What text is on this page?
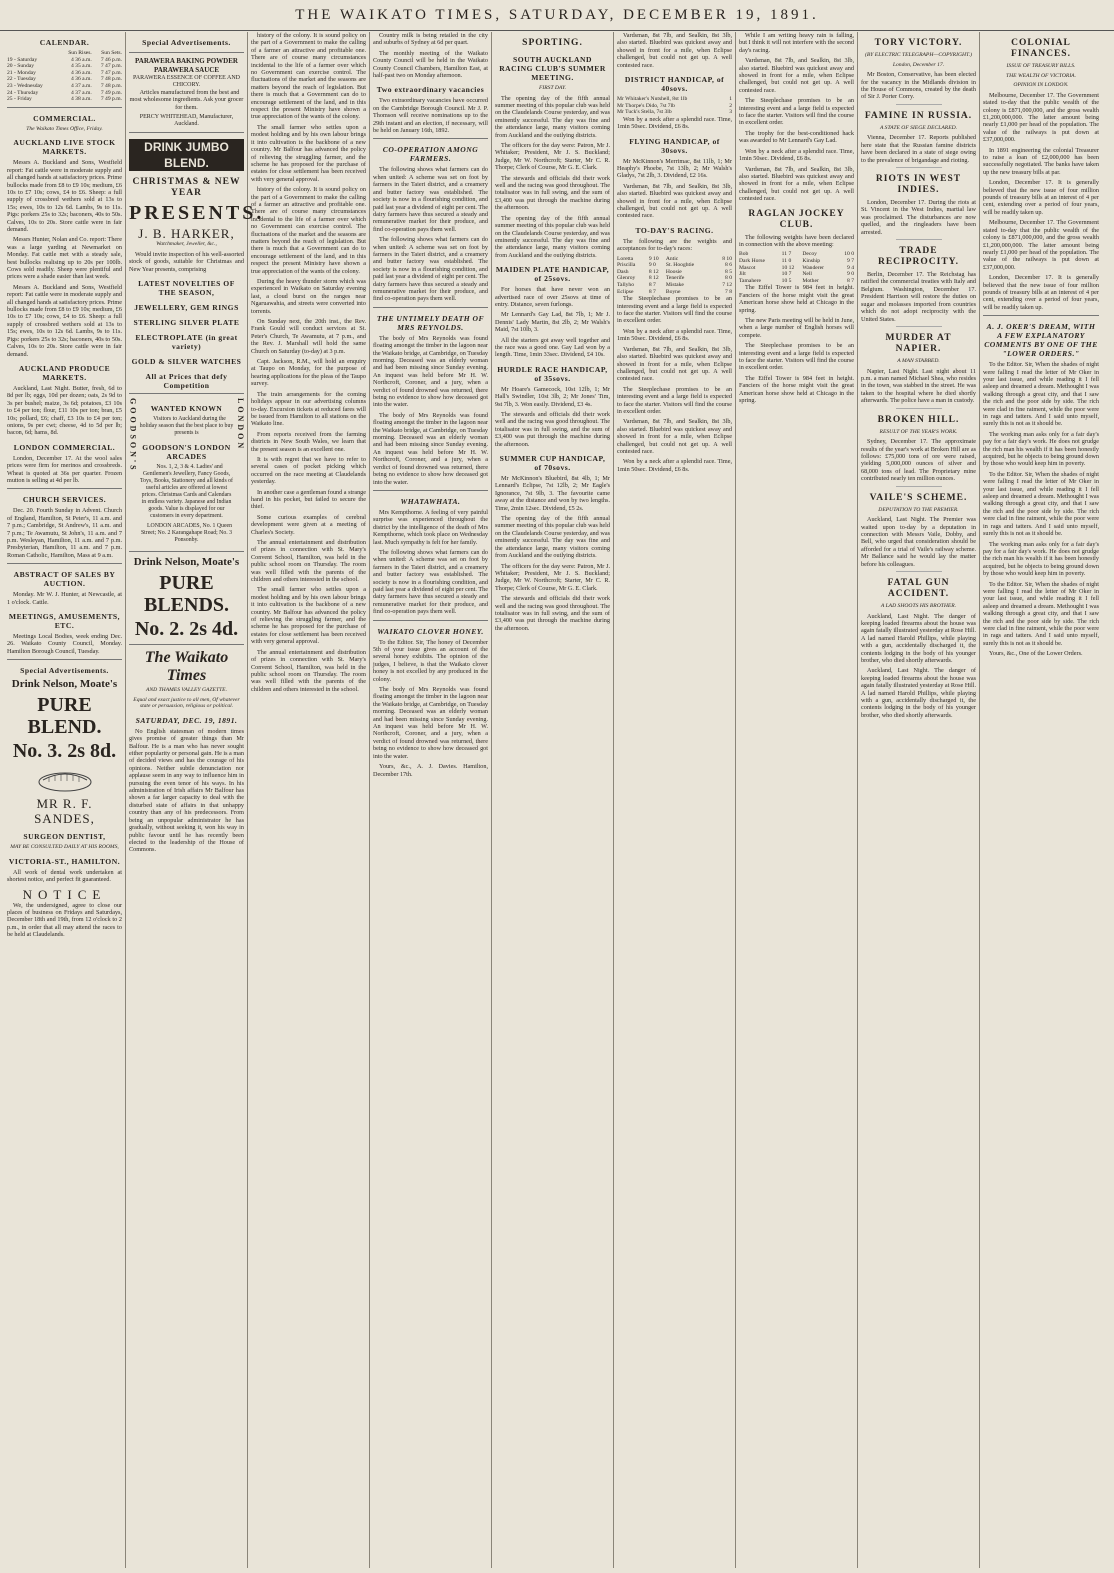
THE WAIKATO TIMES, SATURDAY, DECEMBER 19, 1891.
CALENDAR.
	Sun Rises.	Sun Sets.
19 - Saturday	4 36 a.m.	7 46 p.m.
20 - Sunday	4 35 a.m.	7 47 p.m.
21 - Monday	4 36 a.m.	7 47 p.m.
22 - Tuesday	4 36 a.m.	7 48 p.m.
23 - Wednesday	4 37 a.m.	7 48 p.m.
24 - Thursday	4 37 a.m.	7 49 p.m.
25 - Friday	4 38 a.m.	7 49 p.m.
COMMERCIAL.
The Waikato Times Office, Friday.
AUCKLAND LIVE STOCK MARKETS.

Messrs A. Buckland and Sons, Westfield report: Fat cattle were in moderate supply and all changed hands at satisfactory prices. Prime bullocks made from £8 to £9 10s; medium, £6 10s to £7 10s; cows, £4 to £6. Sheep: a full supply of crossbred wethers sold at 13s to 15s; ewes, 10s to 12s 6d. Lambs, 9s to 11s. Pigs: porkers 25s to 32s; baconers, 40s to 50s. Calves, 10s to 20s. Store cattle were in fair demand.

Messrs Hunter, Nolan and Co. report: There was a large yarding at Newmarket on Monday. Fat cattle met with a steady sale, best bullocks realising up to 20s per 100lb. Cows sold readily. Sheep were plentiful and prices were a shade easier than last week.

Messrs A. Buckland and Sons, Westfield report: Fat cattle were in moderate supply and all changed hands at satisfactory prices. Prime bullocks made from £8 to £9 10s; medium, £6 10s to £7 10s; cows, £4 to £6. Sheep: a full supply of crossbred wethers sold at 13s to 15s; ewes, 10s to 12s 6d. Lambs, 9s to 11s. Pigs: porkers 25s to 32s; baconers, 40s to 50s. Calves, 10s to 20s. Store cattle were in fair demand.

AUCKLAND PRODUCE MARKETS.

Auckland, Last Night. Butter, fresh, 6d to 8d per lb; eggs, 10d per dozen; oats, 2s 9d to 3s per bushel; maize, 3s 6d; potatoes, £3 10s to £4 per ton; flour, £11 10s per ton; bran, £5 10s; pollard, £6; chaff, £3 10s to £4 per ton; onions, 9s per cwt; cheese, 4d to 5d per lb; bacon, 6d; hams, 8d.

LONDON COMMERCIAL.

London, December 17. At the wool sales prices were firm for merinos and crossbreds. Wheat is quoted at 36s per quarter. Frozen mutton is selling at 4d per lb.

CHURCH SERVICES.

Dec. 20. Fourth Sunday in Advent. Church of England, Hamilton, St Peter's, 11 a.m. and 7 p.m.; Cambridge, St Andrew's, 11 a.m. and 7 p.m.; Te Awamutu, St John's, 11 a.m. and 7 p.m. Wesleyan, Hamilton, 11 a.m. and 7 p.m. Presbyterian, Hamilton, 11 a.m. and 7 p.m. Roman Catholic, Hamilton, Mass at 9 a.m.

ABSTRACT OF SALES BY AUCTION.

Monday. Mr W. J. Hunter, at Newcastle, at 1 o'clock. Cattle.

MEETINGS, AMUSEMENTS, ETC.

Meetings Local Bodies, week ending Dec. 26. Waikato County Council, Monday. Hamilton Borough Council, Tuesday.

Special Advertisements.
Drink Nelson, Moate's
PURE BLEND.
No. 3. 2s 8d.
MR R. F. SANDES,
SURGEON DENTIST,
MAY BE CONSULTED DAILY AT HIS ROOMS,
VICTORIA-ST., HAMILTON.

All work of dental work undertaken at shortest notice, and perfect fit guaranteed.

NOTICE

We, the undersigned, agree to close our places of business on Fridays and Saturdays, December 18th and 19th, from 12 o'clock to 2 p.m., in order that all may attend the races to be held at Claudelands.

Special Advertisements.
PARAWERA BAKING POWDER
PARAWERA SAUCE
PARAWERA ESSENCE OF COFFEE AND CHICORY.

Articles manufactured from the best and most wholesome ingredients. Ask your grocer for them.

PERCY WHITEHEAD, Manufacturer, Auckland.
DRINK JUMBO BLEND.
CHRISTMAS & NEW YEAR
PRESENTS.
J. B. HARKER,
Watchmaker, Jeweller, &c.,

Would invite inspection of his well-assorted stock of goods, suitable for Christmas and New Year presents, comprising

LATEST NOVELTIES OF THE SEASON,
JEWELLERY, GEM RINGS
STERLING SILVER PLATE
ELECTROPLATE (in great variety)
GOLD & SILVER WATCHES
All at Prices that defy Competition
GOODSON'S	WANTED KNOWN

Visitors to Auckland during the holiday season that the best place to buy presents is

GOODSON'S LONDON ARCADES

Nos. 1, 2, 3 & 4. Ladies' and Gentlemen's Jewellery, Fancy Goods, Toys, Books, Stationery and all kinds of useful articles are offered at lowest prices. Christmas Cards and Calendars in endless variety. Japanese and Indian goods. Value is displayed for our customers in every department.

LONDON ARCADES, No. 1 Queen Street; No. 2 Karangahape Road; No. 3 Ponsonby.

LONDON
Drink Nelson, Moate's
PURE BLENDS.
No. 2. 2s 4d.
The Waikato Times
AND THAMES VALLEY GAZETTE.
Equal and exact justice to all men, Of whatever state or persuasion, religious or political.
SATURDAY, DEC. 19, 1891.

No English statesman of modern times gives promise of greater things than Mr Balfour. He is a man who has never sought either popularity or personal gain. He is a man of decided views and has the courage of his opinions. Neither subtle denunciation nor applause seem in any way to influence him in pursuing the even tenor of his ways. In his administration of Irish affairs Mr Balfour has shown a far larger capacity to deal with the disturbed state of affairs in that unhappy country than any of his predecessors. From being an unpopular administrator he has gradually, without seeking it, won his way in public favour until he has recently been elected to the leadership of the House of Commons.

history of the colony. It is sound policy on the part of a Government to make the calling of a farmer an attractive and profitable one. There are of course many circumstances incidental to the life of a farmer over which no Government can exercise control. The fluctuations of the market and the seasons are matters beyond the reach of legislation. But there is much that a Government can do to encourage settlement of the land, and in this respect the present Ministry have shown a true appreciation of the wants of the colony.

The small farmer who settles upon a modest holding and by his own labour brings it into cultivation is the backbone of a new country. Mr Balfour has advanced the policy of relieving the struggling farmer, and the scheme he has proposed for the purchase of estates for close settlement has been received with very general approval.

history of the colony. It is sound policy on the part of a Government to make the calling of a farmer an attractive and profitable one. There are of course many circumstances incidental to the life of a farmer over which no Government can exercise control. The fluctuations of the market and the seasons are matters beyond the reach of legislation. But there is much that a Government can do to encourage settlement of the land, and in this respect the present Ministry have shown a true appreciation of the wants of the colony.

During the heavy thunder storm which was experienced in Waikato on Saturday evening last, a cloud burst on the ranges near Ngaruawahia, and streets were converted into torrents.

On Sunday next, the 20th inst., the Rev. Frank Gould will conduct services at St. Peter's Church, Te Awamutu, at 7 p.m., and the Rev. J. Marshall will hold the same Church on Saturday (to-day) at 3 p.m.

Capt. Jackson, R.M., will hold an enquiry at Taupo on Monday, for the purpose of hearing applications for the pleas of the Taupo survey.

The train arrangements for the coming holidays appear in our advertising columns to-day. Excursion tickets at reduced fares will be issued from Hamilton to all stations on the Waikato line.

From reports received from the farming districts in New South Wales, we learn that the present season is an excellent one.

It is with regret that we have to refer to several cases of pocket picking which occurred on the race meeting at Claudelands yesterday.

In another case a gentleman found a strange hand in his pocket, but failed to secure the thief.

Some curious examples of cerebral development were given at a meeting of Charles's Society.

The annual entertainment and distribution of prizes in connection with St. Mary's Convent School, Hamilton, was held in the public school room on Thursday. The room was well filled with the parents of the children and others interested in the school.

The small farmer who settles upon a modest holding and by his own labour brings it into cultivation is the backbone of a new country. Mr Balfour has advanced the policy of relieving the struggling farmer, and the scheme he has proposed for the purchase of estates for close settlement has been received with very general approval.

The annual entertainment and distribution of prizes in connection with St. Mary's Convent School, Hamilton, was held in the public school room on Thursday. The room was well filled with the parents of the children and others interested in the school.

Country milk is being retailed in the city and suburbs of Sydney at 6d per quart.

The monthly meeting of the Waikato County Council will be held in the Waikato County Council Chambers, Hamilton East, at half-past two on Monday afternoon.

Two extraordinary vacancies

Two extraordinary vacancies have occurred on the Cambridge Borough Council. Mr J. P. Thomson will receive nominations up to the 29th instant and an election, if necessary, will be held on January 16th, 1892.

CO-OPERATION AMONG FARMERS.

The following shows what farmers can do when united: A scheme was set on foot by farmers in the Taieri district, and a creamery and butter factory was established. The society is now in a flourishing condition, and paid last year a dividend of eight per cent. The dairy farmers have thus secured a steady and remunerative market for their produce, and find co-operation pays them well.

The following shows what farmers can do when united: A scheme was set on foot by farmers in the Taieri district, and a creamery and butter factory was established. The society is now in a flourishing condition, and paid last year a dividend of eight per cent. The dairy farmers have thus secured a steady and remunerative market for their produce, and find co-operation pays them well.

THE UNTIMELY DEATH OF MRS REYNOLDS.

The body of Mrs Reynolds was found floating amongst the timber in the lagoon near the Waikato bridge, at Cambridge, on Tuesday morning. Deceased was an elderly woman and had been missing since Sunday evening. An inquest was held before Mr H. W. Northcroft, Coroner, and a jury, when a verdict of found drowned was returned, there being no evidence to show how deceased got into the water.

The body of Mrs Reynolds was found floating amongst the timber in the lagoon near the Waikato bridge, at Cambridge, on Tuesday morning. Deceased was an elderly woman and had been missing since Sunday evening. An inquest was held before Mr H. W. Northcroft, Coroner, and a jury, when a verdict of found drowned was returned, there being no evidence to show how deceased got into the water.

WHATAWHATA.

Mrs Kempthorne. A feeling of very painful surprise was experienced throughout the district by the intelligence of the death of Mrs Kempthorne, which took place on Wednesday last. Much sympathy is felt for her family.

The following shows what farmers can do when united: A scheme was set on foot by farmers in the Taieri district, and a creamery and butter factory was established. The society is now in a flourishing condition, and paid last year a dividend of eight per cent. The dairy farmers have thus secured a steady and remunerative market for their produce, and find co-operation pays them well.

WAIKATO CLOVER HONEY.

To the Editor. Sir, The honey of December 5th of your issue gives an account of the several honey exhibits. The opinion of the judges, I believe, is that the Waikato clover honey is not excelled by any produced in the colony.

The body of Mrs Reynolds was found floating amongst the timber in the lagoon near the Waikato bridge, at Cambridge, on Tuesday morning. Deceased was an elderly woman and had been missing since Sunday evening. An inquest was held before Mr H. W. Northcroft, Coroner, and a jury, when a verdict of found drowned was returned, there being no evidence to show how deceased got into the water.

Yours, &c., A. J. Davies. Hamilton, December 17th.

SPORTING.
SOUTH AUCKLAND RACING CLUB'S SUMMER MEETING.
FIRST DAY.

The opening day of the fifth annual summer meeting of this popular club was held on the Claudelands Course yesterday, and was eminently successful. The day was fine and the attendance large, many visitors coming from Auckland and the outlying districts.

The officers for the day were: Patron, Mr J. Whitaker; President, Mr J. S. Buckland; Judge, Mr W. Northcroft; Starter, Mr C. R. Thorpe; Clerk of Course, Mr G. E. Clark.

The stewards and officials did their work well and the racing was good throughout. The totalisator was in full swing, and the sum of £3,400 was put through the machine during the afternoon.

The opening day of the fifth annual summer meeting of this popular club was held on the Claudelands Course yesterday, and was eminently successful. The day was fine and the attendance large, many visitors coming from Auckland and the outlying districts.

MAIDEN PLATE HANDICAP, of 25sovs.

For horses that have never won an advertised race of over 25sovs at time of entry. Distance, seven furlongs.

Mr Lennard's Gay Lad, 8st 7lb, 1; Mr J. Dennis' Lady Martin, 8st 2lb, 2; Mr Walsh's Maid, 7st 10lb, 3.

All the starters got away well together and the race was a good one. Gay Lad won by a length. Time, 1min 33sec. Dividend, £4 10s.

HURDLE RACE HANDICAP, of 35sovs.

Mr Hoare's Gamecock, 10st 12lb, 1; Mr Hall's Swindler, 10st 3lb, 2; Mr Jones' Tim, 9st 7lb, 3. Won easily. Dividend, £3 4s.

The stewards and officials did their work well and the racing was good throughout. The totalisator was in full swing, and the sum of £3,400 was put through the machine during the afternoon.

SUMMER CUP HANDICAP, of 70sovs.

Mr McKinnon's Bluebird, 8st 4lb, 1; Mr Lennard's Eclipse, 7st 12lb, 2; Mr Eagle's Ignorance, 7st 9lb, 3. The favourite came away at the distance and won by two lengths. Time, 2min 12sec. Dividend, £5 2s.

The opening day of the fifth annual summer meeting of this popular club was held on the Claudelands Course yesterday, and was eminently successful. The day was fine and the attendance large, many visitors coming from Auckland and the outlying districts.

The officers for the day were: Patron, Mr J. Whitaker; President, Mr J. S. Buckland; Judge, Mr W. Northcroft; Starter, Mr C. R. Thorpe; Clerk of Course, Mr G. E. Clark.

The stewards and officials did their work well and the racing was good throughout. The totalisator was in full swing, and the sum of £3,400 was put through the machine during the afternoon.

Vardsman, 8st 7lb, and Sealkin, 8st 3lb, also started. Bluebird was quickest away and showed in front for a mile, when Eclipse challenged, but could not get up. A well contested race.

DISTRICT HANDICAP, of 40sovs.
Mr Whitaker's Nutshell, 8st 1lb	1
Mr Thorpe's Dido, 7st 7lb	2
Mr Tuck's Stella, 7st 3lb	3

Won by a neck after a splendid race. Time, 1min 50sec. Dividend, £6 8s.

FLYING HANDICAP, of 30sovs.

Mr McKinnon's Merrimac, 8st 11lb, 1; Mr Heaphy's Phoebe, 7st 13lb, 2; Mr Walsh's Gladys, 7st 2lb, 3. Dividend, £2 16s.

Vardsman, 8st 7lb, and Sealkin, 8st 3lb, also started. Bluebird was quickest away and showed in front for a mile, when Eclipse challenged, but could not get up. A well contested race.

TO-DAY'S RACING.

The following are the weights and acceptances for to-day's races:

Loretta	9 10	Antic	8 10
Priscilla	9 0	St. Hooghtie	8 6
Dash	8 12	Hoosie	8 5
Glenroy	8 12	Tenerife	8 0
Tallyho	8 7	Mistake	7 12
Eclipse	8 7	Boyne	7 8

The Steeplechase promises to be an interesting event and a large field is expected to face the starter. Visitors will find the course in excellent order.

Won by a neck after a splendid race. Time, 1min 50sec. Dividend, £6 8s.

Vardsman, 8st 7lb, and Sealkin, 8st 3lb, also started. Bluebird was quickest away and showed in front for a mile, when Eclipse challenged, but could not get up. A well contested race.

The Steeplechase promises to be an interesting event and a large field is expected to face the starter. Visitors will find the course in excellent order.

Vardsman, 8st 7lb, and Sealkin, 8st 3lb, also started. Bluebird was quickest away and showed in front for a mile, when Eclipse challenged, but could not get up. A well contested race.

Won by a neck after a splendid race. Time, 1min 50sec. Dividend, £6 8s.

While I am writing heavy rain is falling, but I think it will not interfere with the second day's racing.

Vardsman, 8st 7lb, and Sealkin, 8st 3lb, also started. Bluebird was quickest away and showed in front for a mile, when Eclipse challenged, but could not get up. A well contested race.

The Steeplechase promises to be an interesting event and a large field is expected to face the starter. Visitors will find the course in excellent order.

The trophy for the best-conditioned hack was awarded to Mr Lennard's Gay Lad.

Won by a neck after a splendid race. Time, 1min 50sec. Dividend, £6 8s.

Vardsman, 8st 7lb, and Sealkin, 8st 3lb, also started. Bluebird was quickest away and showed in front for a mile, when Eclipse challenged, but could not get up. A well contested race.

RAGLAN JOCKEY CLUB.

The following weights have been declared in connection with the above meeting:

Bob	11 7	Decoy	10 0
Dark Horse	11 0	Kinship	9 7
Mascot	10 12	Wanderer	9 4
Jilt	10 7	Nell	9 0
Tamahere	10 5	Mother	8 7

The Eiffel Tower is 984 feet in height. Fanciers of the horse might visit the great American horse show held at Chicago in the spring.

The new Paris meeting will be held in June, when a large number of English horses will compete.

The Steeplechase promises to be an interesting event and a large field is expected to face the starter. Visitors will find the course in excellent order.

The Eiffel Tower is 984 feet in height. Fanciers of the horse might visit the great American horse show held at Chicago in the spring.

TORY VICTORY.
(BY ELECTRIC TELEGRAPH—COPYRIGHT.)
London, December 17.

Mr Boston, Conservative, has been elected for the vacancy in the Midlands division in the House of Commons, created by the death of Sir J. Porter Corry.

FAMINE IN RUSSIA.
A STATE OF SIEGE DECLARED.

Vienna, December 17. Reports published here state that the Russian famine districts have been declared in a state of siege owing to the prevalence of brigandage and rioting.

RIOTS IN WEST INDIES.

London, December 17. During the riots at St. Vincent in the West Indies, martial law was proclaimed. The disturbances are now quelled, and the ringleaders have been arrested.

TRADE RECIPROCITY.

Berlin, December 17. The Reichstag has ratified the commercial treaties with Italy and Belgium. Washington, December 17. President Harrison will restore the duties on sugar and molasses imported from countries which do not adopt reciprocity with the United States.

MURDER AT NAPIER.
A MAN STABBED.

Napier, Last Night. Last night about 11 p.m. a man named Michael Shea, who resides in the town, was stabbed in the street. He was taken to the hospital where he died shortly afterwards. The police have a man in custody.

BROKEN HILL.
RESULT OF THE YEAR'S WORK.

Sydney, December 17. The approximate results of the year's work at Broken Hill are as follows: £75,000 tons of ore were raised, yielding 5,000,000 ounces of silver and 68,000 tons of lead. The Proprietary mine contributed nearly ten million ounces.

VAILE'S SCHEME.
DEPUTATION TO THE PREMIER.

Auckland, Last Night. The Premier was waited upon to-day by a deputation in connection with Messrs Vaile, Dobby, and Bell, who urged that consideration should be afforded for a trial of Vaile's railway scheme. Mr Ballance said he would lay the matter before his colleagues.

FATAL GUN ACCIDENT.
A LAD SHOOTS HIS BROTHER.

Auckland, Last Night. The danger of keeping loaded firearms about the house was again fatally illustrated yesterday at Rose Hill. A lad named Harold Phillips, while playing with a gun, accidentally discharged it, the contents lodging in the body of his younger brother, who died shortly afterwards.

Auckland, Last Night. The danger of keeping loaded firearms about the house was again fatally illustrated yesterday at Rose Hill. A lad named Harold Phillips, while playing with a gun, accidentally discharged it, the contents lodging in the body of his younger brother, who died shortly afterwards.

COLONIAL FINANCES.
ISSUE OF TREASURY BILLS.
THE WEALTH OF VICTORIA.
OPINION IN LONDON.

Melbourne, December 17. The Government stated to-day that the public wealth of the colony is £871,000,000, and the gross wealth £1,200,000,000. The latter amount being nearly £1,000 per head of the population. The value of the railways is put down at £37,000,000.

In 1891 engineering the colonial Treasurer to raise a loan of £2,000,000 has been successfully negotiated. The banks have taken up the new treasury bills at par.

London, December 17. It is generally believed that the new issue of four million pounds of treasury bills at an interest of 4 per cent, extending over a period of four years, will be readily taken up.

Melbourne, December 17. The Government stated to-day that the public wealth of the colony is £871,000,000, and the gross wealth £1,200,000,000. The latter amount being nearly £1,000 per head of the population. The value of the railways is put down at £37,000,000.

London, December 17. It is generally believed that the new issue of four million pounds of treasury bills at an interest of 4 per cent, extending over a period of four years, will be readily taken up.

A. J. OKER'S DREAM, WITH A FEW EXPLANATORY COMMENTS BY ONE OF THE "LOWER ORDERS."

To the Editor. Sir, When the shades of night were falling I read the letter of Mr Oker in your last issue, and while reading it I fell asleep and dreamed a dream. Methought I was walking through a great city, and that I saw the rich and the poor side by side. The rich were clad in fine raiment, while the poor were in rags and tatters. And I said unto myself, surely this is not as it should be.

The working man asks only for a fair day's pay for a fair day's work. He does not grudge the rich man his wealth if it has been honestly acquired, but he objects to being ground down by those who would keep him in poverty.

To the Editor. Sir, When the shades of night were falling I read the letter of Mr Oker in your last issue, and while reading it I fell asleep and dreamed a dream. Methought I was walking through a great city, and that I saw the rich and the poor side by side. The rich were clad in fine raiment, while the poor were in rags and tatters. And I said unto myself, surely this is not as it should be.

The working man asks only for a fair day's pay for a fair day's work. He does not grudge the rich man his wealth if it has been honestly acquired, but he objects to being ground down by those who would keep him in poverty.

To the Editor. Sir, When the shades of night were falling I read the letter of Mr Oker in your last issue, and while reading it I fell asleep and dreamed a dream. Methought I was walking through a great city, and that I saw the rich and the poor side by side. The rich were clad in fine raiment, while the poor were in rags and tatters. And I said unto myself, surely this is not as it should be.

Yours, &c., One of the Lower Orders.
